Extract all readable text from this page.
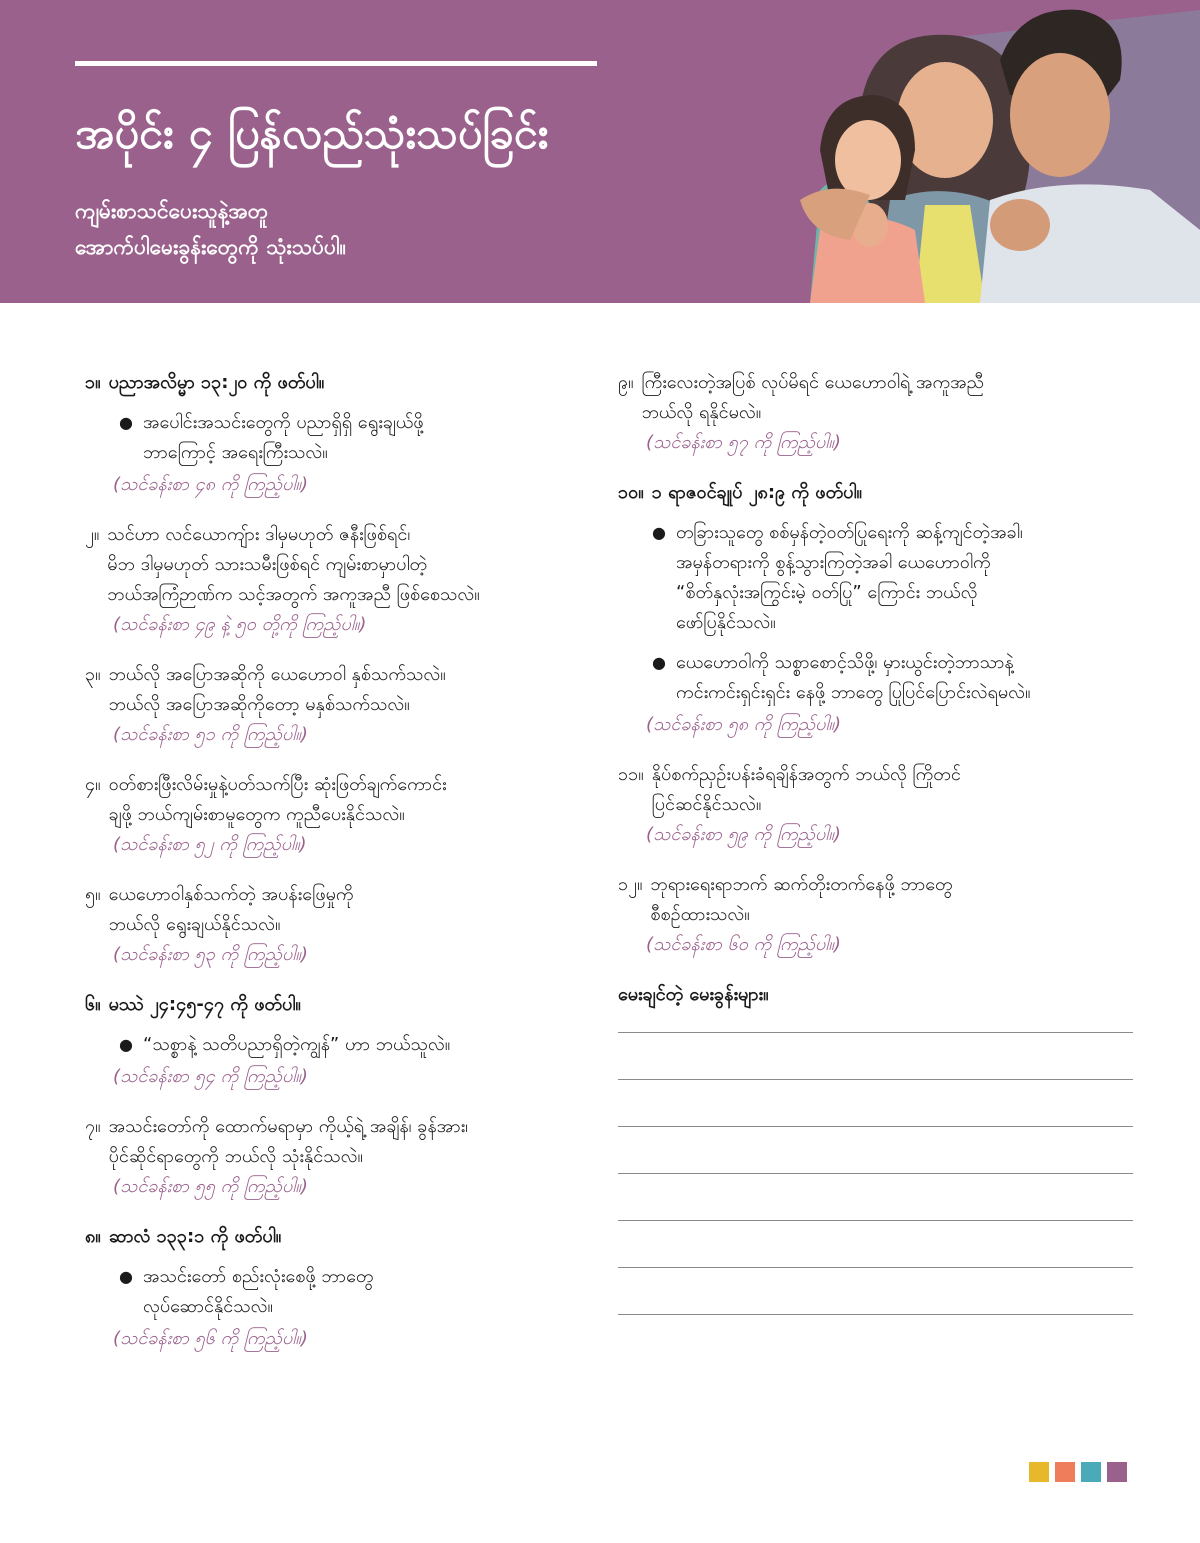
အပိုင်း ၄ ပြန်လည်သုံးသပ်ခြင်း
ကျမ်းစာသင်ပေးသူနဲ့အတူ
အောက်ပါမေးခွန်းတွေကို သုံးသပ်ပါ။
၁။ ပညာအလိမ္မာ ၁၃:၂၀ ကို ဖတ်ပါ။
● အပေါင်းအသင်းတွေကို ပညာရှိရှိ ရွေးချယ်ဖို့
ဘာကြောင့် အရေးကြီးသလဲ။
(သင်ခန်းစာ ၄၈ ကို ကြည့်ပါ။)
၂။ သင်ဟာ လင်ယောကျ်ား ဒါမှမဟုတ် ဇနီးဖြစ်ရင်၊
မိဘ ဒါမှမဟုတ် သားသမီးဖြစ်ရင် ကျမ်းစာမှာပါတဲ့
ဘယ်အကြံဉာဏ်က သင့်အတွက် အကူအညီ ဖြစ်စေသလဲ။
(သင်ခန်းစာ ၄၉ နဲ့ ၅၀ တို့ကို ကြည့်ပါ။)
၃။ ဘယ်လို အပြောအဆိုကို ယေဟောဝါ နှစ်သက်သလဲ။
ဘယ်လို အပြောအဆိုကိုတော့ မနှစ်သက်သလဲ။
(သင်ခန်းစာ ၅၁ ကို ကြည့်ပါ။)
၄။ ဝတ်စားဖြီးလိမ်းမှုနဲ့ပတ်သက်ပြီး ဆုံးဖြတ်ချက်ကောင်း
ချဖို့ ဘယ်ကျမ်းစာမူတွေက ကူညီပေးနိုင်သလဲ။
(သင်ခန်းစာ ၅၂ ကို ကြည့်ပါ။)
၅။ ယေဟောဝါနှစ်သက်တဲ့ အပန်းဖြေမှုကို
ဘယ်လို ရွေးချယ်နိုင်သလဲ။
(သင်ခန်းစာ ၅၃ ကို ကြည့်ပါ။)
၆။ မဿဲ ၂၄:၄၅-၄၇ ကို ဖတ်ပါ။
● “သစ္စာနဲ့ သတိပညာရှိတဲ့ကျွန်” ဟာ ဘယ်သူလဲ။
(သင်ခန်းစာ ၅၄ ကို ကြည့်ပါ။)
၇။ အသင်းတော်ကို ထောက်မရာမှာ ကိုယ့်ရဲ့ အချိန်၊ ခွန်အား၊
ပိုင်ဆိုင်ရာတွေကို ဘယ်လို သုံးနိုင်သလဲ။
(သင်ခန်းစာ ၅၅ ကို ကြည့်ပါ။)
၈။ ဆာလံ ၁၃၃:၁ ကို ဖတ်ပါ။
● အသင်းတော် စည်းလုံးစေဖို့ ဘာတွေ
လုပ်ဆောင်နိုင်သလဲ။
(သင်ခန်းစာ ၅၆ ကို ကြည့်ပါ။)
၉။ ကြီးလေးတဲ့အပြစ် လုပ်မိရင် ယေဟောဝါရဲ့ အကူအညီ
ဘယ်လို ရနိုင်မလဲ။
(သင်ခန်းစာ ၅၇ ကို ကြည့်ပါ။)
၁၀။ ၁ ရာဇဝင်ချုပ် ၂၈:၉ ကို ဖတ်ပါ။
● တခြားသူတွေ စစ်မှန်တဲ့ဝတ်ပြုရေးကို ဆန့်ကျင်တဲ့အခါ၊
အမှန်တရားကို စွန့်သွားကြတဲ့အခါ ယေဟောဝါကို
“စိတ်နှလုံးအကြွင်းမဲ့ ဝတ်ပြု” ကြောင်း ဘယ်လို
ဖော်ပြနိုင်သလဲ။
● ယေဟောဝါကို သစ္စာစောင့်သိဖို့၊ မှားယွင်းတဲ့ဘာသာနဲ့
ကင်းကင်းရှင်းရှင်း နေဖို့ ဘာတွေ ပြုပြင်ပြောင်းလဲရမလဲ။
(သင်ခန်းစာ ၅၈ ကို ကြည့်ပါ။)
၁၁။ နိုပ်စက်ညှဉ်းပန်းခံရချိန်အတွက် ဘယ်လို ကြိုတင်
ပြင်ဆင်နိုင်သလဲ။
(သင်ခန်းစာ ၅၉ ကို ကြည့်ပါ။)
၁၂။ ဘုရားရေးရာဘက် ဆက်တိုးတက်နေဖို့ ဘာတွေ
စီစဉ်ထားသလဲ။
(သင်ခန်းစာ ၆၀ ကို ကြည့်ပါ။)
မေးချင်တဲ့ မေးခွန်းများ။
